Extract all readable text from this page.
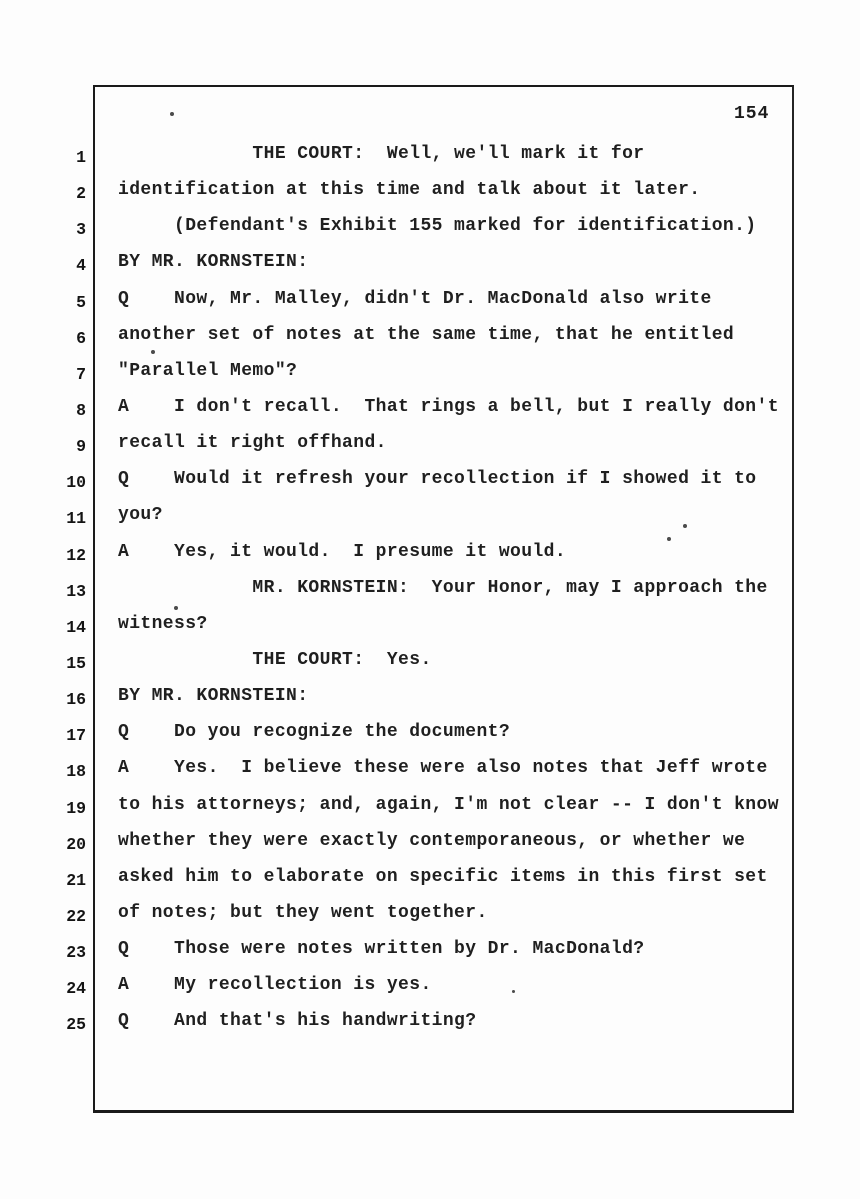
154
1 THE COURT:  Well, we'll mark it for
2 identification at this time and talk about it later.
3 (Defendant's Exhibit 155 marked for identification.)
4 BY MR. KORNSTEIN:
5 Q    Now, Mr. Malley, didn't Dr. MacDonald also write
6 another set of notes at the same time, that he entitled
7 "Parallel Memo"?
8 A    I don't recall.  That rings a bell, but I really don't
9 recall it right offhand.
10 Q    Would it refresh your recollection if I showed it to
11 you?
12 A    Yes, it would.  I presume it would.
13 MR. KORNSTEIN:  Your Honor, may I approach the
14 witness?
15 THE COURT:  Yes.
16 BY MR. KORNSTEIN:
17 Q    Do you recognize the document?
18 A    Yes.  I believe these were also notes that Jeff wrote
19 to his attorneys; and, again, I'm not clear -- I don't know
20 whether they were exactly contemporaneous, or whether we
21 asked him to elaborate on specific items in this first set
22 of notes; but they went together.
23 Q    Those were notes written by Dr. MacDonald?
24 A    My recollection is yes.
25 Q    And that's his handwriting?
